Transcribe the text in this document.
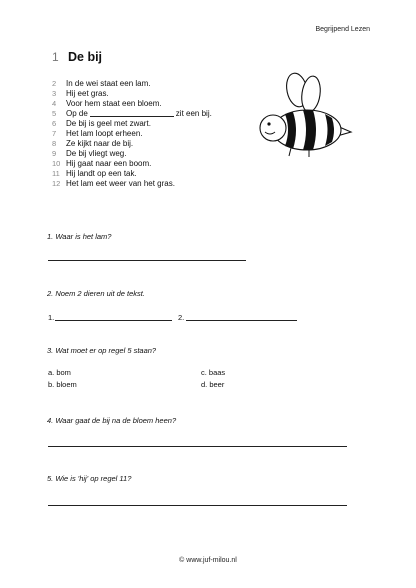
Begrijpend Lezen
1 De bij
2	In de wei staat een lam.
3	Hij eet gras.
4	Voor hem staat een bloem.
5	Op de	zit een bij.
6	De bij is geel met zwart.
7	Het lam loopt erheen.
8	Ze kijkt naar de bij.
9	De bij vliegt weg.
10 Hij gaat naar een boom.
11 Hij landt op een tak.
12 Het lam eet weer van het gras.
1. Waar is het lam?
2. Noem 2 dieren uit de tekst.
1.	2.
3. Wat moet er op regel 5 staan?
a. bom
b. bloem
c. baas
d. beer
4. Waar gaat de bij na de bloem heen?
5. Wie is 'hij' op regel 11?
© www.juf-milou.nl
